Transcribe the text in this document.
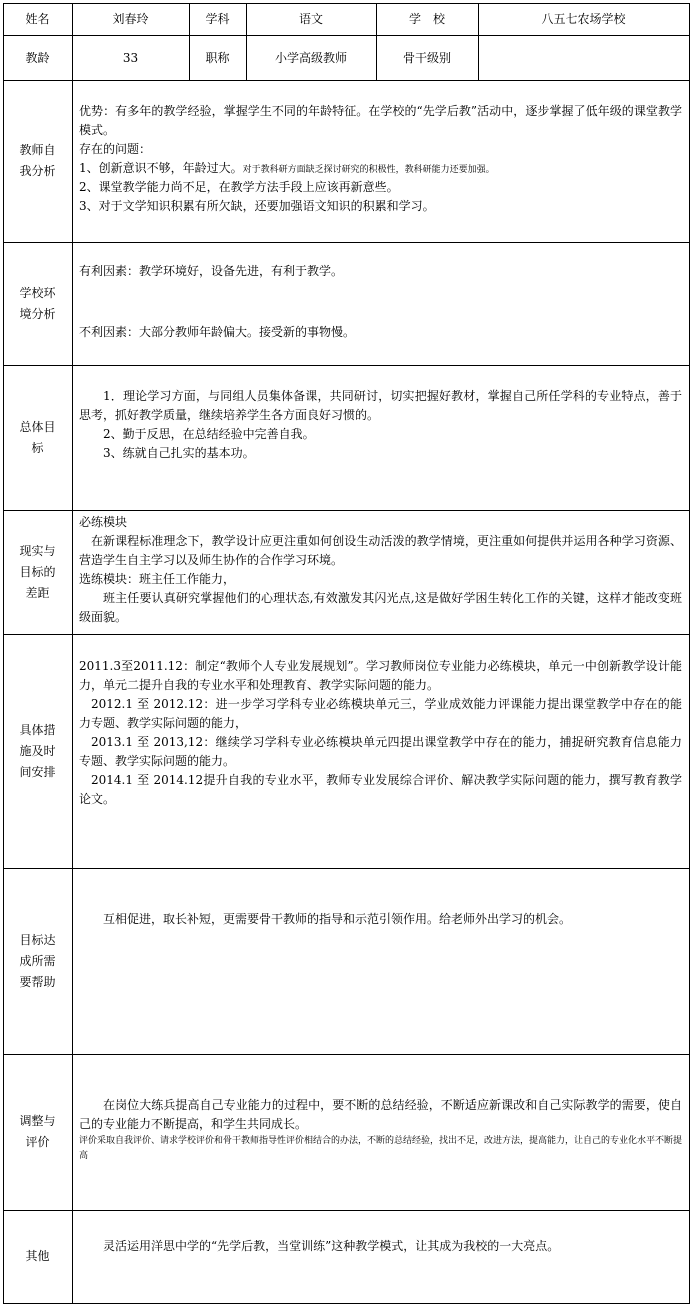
姓名	刘春玲	学科	语文	学　校	八五七农场学校
教龄	33	职称	小学高级教师	骨干级别
教师自我分析

优势：有多年的教学经验，掌握学生不同的年龄特征。在学校的“先学后教”活动中，逐步掌握了低年级的课堂教学模式。

存在的问题：

1、创新意识不够，年龄过大。对于教科研方面缺乏探讨研究的积极性，教科研能力还要加强。

2、课堂教学能力尚不足，在教学方法手段上应该再新意些。

3、对于文学知识积累有所欠缺，还要加强语文知识的积累和学习。

学校环境分析
有利因素：教学环境好，设备先进，有利于教学。
不利因素：大部分教师年龄偏大。接受新的事物慢。
总体目标

1．理论学习方面，与同组人员集体备课，共同研讨，切实把握好教材，掌握自己所任学科的专业特点，善于思考，抓好教学质量，继续培养学生各方面良好习惯的。

2、勤于反思，在总结经验中完善自我。

3、练就自己扎实的基本功。

现实与目标的差距

必练模块

在新课程标准理念下，教学设计应更注重如何创设生动活泼的教学情境，更注重如何提供并运用各种学习资源、营造学生自主学习以及师生协作的合作学习环境。

选练模块：班主任工作能力，

班主任要认真研究掌握他们的心理状态,有效激发其闪光点,这是做好学困生转化工作的关键，这样才能改变班级面貌。

具体措施及时间安排

2011.3至2011.12：制定“教师个人专业发展规划”。学习教师岗位专业能力必练模块，单元一中创新教学设计能力，单元二提升自我的专业水平和处理教育、教学实际问题的能力。

2012.1 至 2012.12：进一步学习学科专业必练模块单元三，学业成效能力评课能力提出课堂教学中存在的能力专题、教学实际问题的能力，

2013.1 至 2013,12：继续学习学科专业必练模块单元四提出课堂教学中存在的能力，捕捉研究教育信息能力专题、教学实际问题的能力。

2014.1 至 2014.12提升自我的专业水平，教师专业发展综合评价、解决教学实际问题的能力，撰写教育教学论文。

目标达成所需要帮助
互相促进，取长补短，更需要骨干教师的指导和示范引领作用。给老师外出学习的机会。
调整与评价

在岗位大练兵提高自己专业能力的过程中，要不断的总结经验，不断适应新课改和自己实际教学的需要，使自己的专业能力不断提高，和学生共同成长。

评价采取自我评价、请求学校评价和骨干教师指导性评价相结合的办法，不断的总结经验，找出不足，改进方法，提高能力，让自己的专业化水平不断提高

其他
灵活运用洋思中学的“先学后教，当堂训练”这种教学模式，让其成为我校的一大亮点。
